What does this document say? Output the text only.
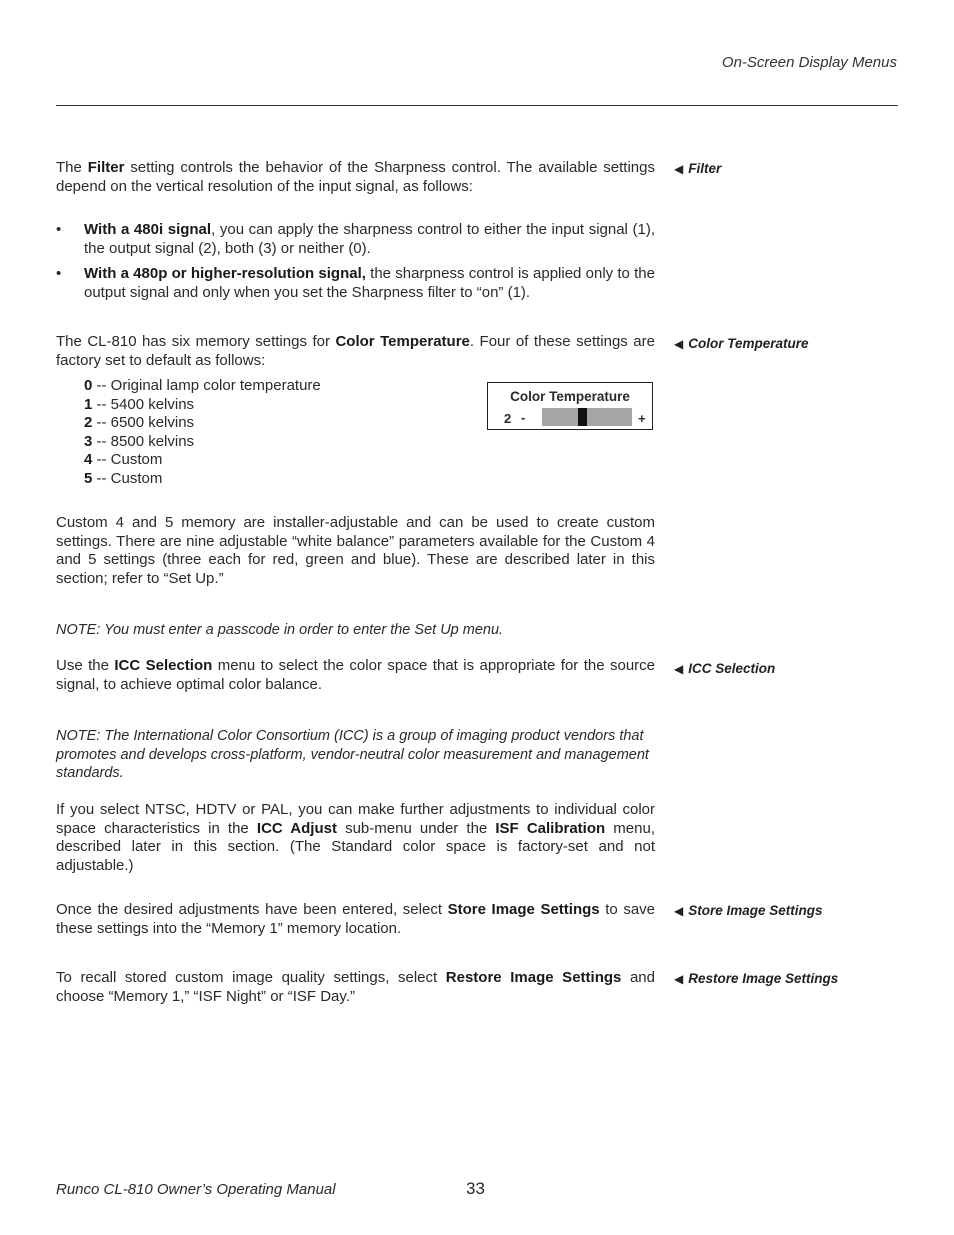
On-Screen Display Menus
The Filter setting controls the behavior of the Sharpness control. The available settings depend on the vertical resolution of the input signal, as follows:
◀ Filter
•	With a 480i signal, you can apply the sharpness control to either the input signal (1), the output signal (2), both (3) or neither (0).
•	With a 480p or higher-resolution signal, the sharpness control is applied only to the output signal and only when you set the Sharpness filter to “on” (1).
The CL-810 has six memory settings for Color Temperature. Four of these settings are factory set to default as follows:
◀ Color Temperature
0 -- Original lamp color temperature
1 -- 5400 kelvins
2 -- 6500 kelvins
3 -- 8500 kelvins
4 -- Custom
5 -- Custom
Color Temperature
2 -	+
Custom 4 and 5 memory are installer-adjustable and can be used to create custom settings. There are nine adjustable “white balance” parameters available for the Custom 4 and 5 settings (three each for red, green and blue). These are described later in this section; refer to “Set Up.”
NOTE: You must enter a passcode in order to enter the Set Up menu.
Use the ICC Selection menu to select the color space that is appropriate for the source signal, to achieve optimal color balance.
◀ ICC Selection
NOTE: The International Color Consortium (ICC) is a group of imaging product vendors that promotes and develops cross-platform, vendor-neutral color measurement and management standards.
If you select NTSC, HDTV or PAL, you can make further adjustments to individual color space characteristics in the ICC Adjust sub-menu under the ISF Calibration menu, described later in this section. (The Standard color space is factory-set and not adjustable.)
Once the desired adjustments have been entered, select Store Image Settings to save these settings into the “Memory 1” memory location.
◀ Store Image Settings
To recall stored custom image quality settings, select Restore Image Settings and choose “Memory 1,” “ISF Night” or “ISF Day.”
◀ Restore Image Settings
Runco CL-810 Owner’s Operating Manual	33
